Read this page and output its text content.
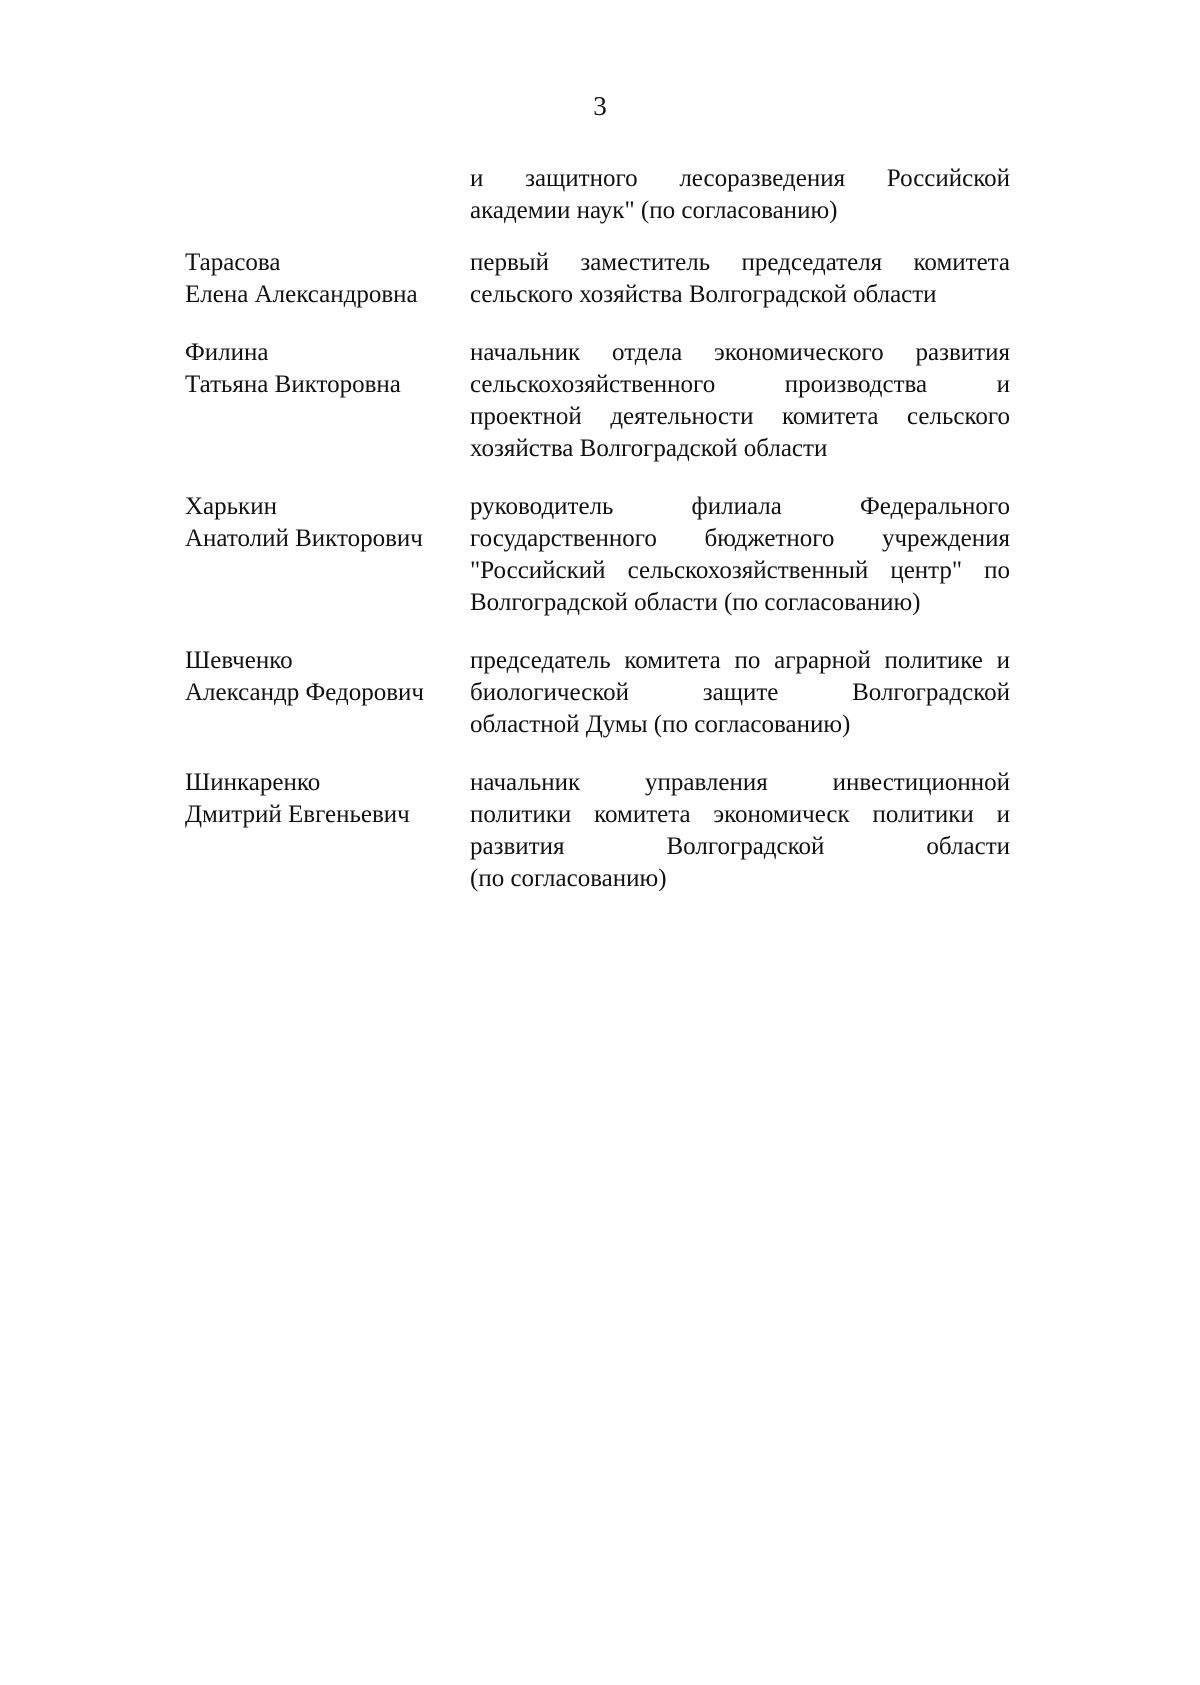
3

и защитного лесоразведения Российской
академии наук" (по согласованию)
Тарасова
Елена Александровна
первый заместитель председателя комитета
сельского хозяйства Волгоградской области
Филина
Татьяна Викторовна
начальник отдела экономического развития
сельскохозяйственного производства и
проектной деятельности комитета сельского
хозяйства Волгоградской области
Харькин
Анатолий Викторович
руководитель филиала Федерального
государственного бюджетного учреждения
"Российский сельскохозяйственный центр" по
Волгоградской области (по согласованию)
Шевченко
Александр Федорович
председатель комитета по аграрной политике и
биологической защите Волгоградской
областной Думы (по согласованию)
Шинкаренко
Дмитрий Евгеньевич
начальник управления инвестиционной
политики комитета экономическ политики и
развития Волгоградской области
(по согласованию)
